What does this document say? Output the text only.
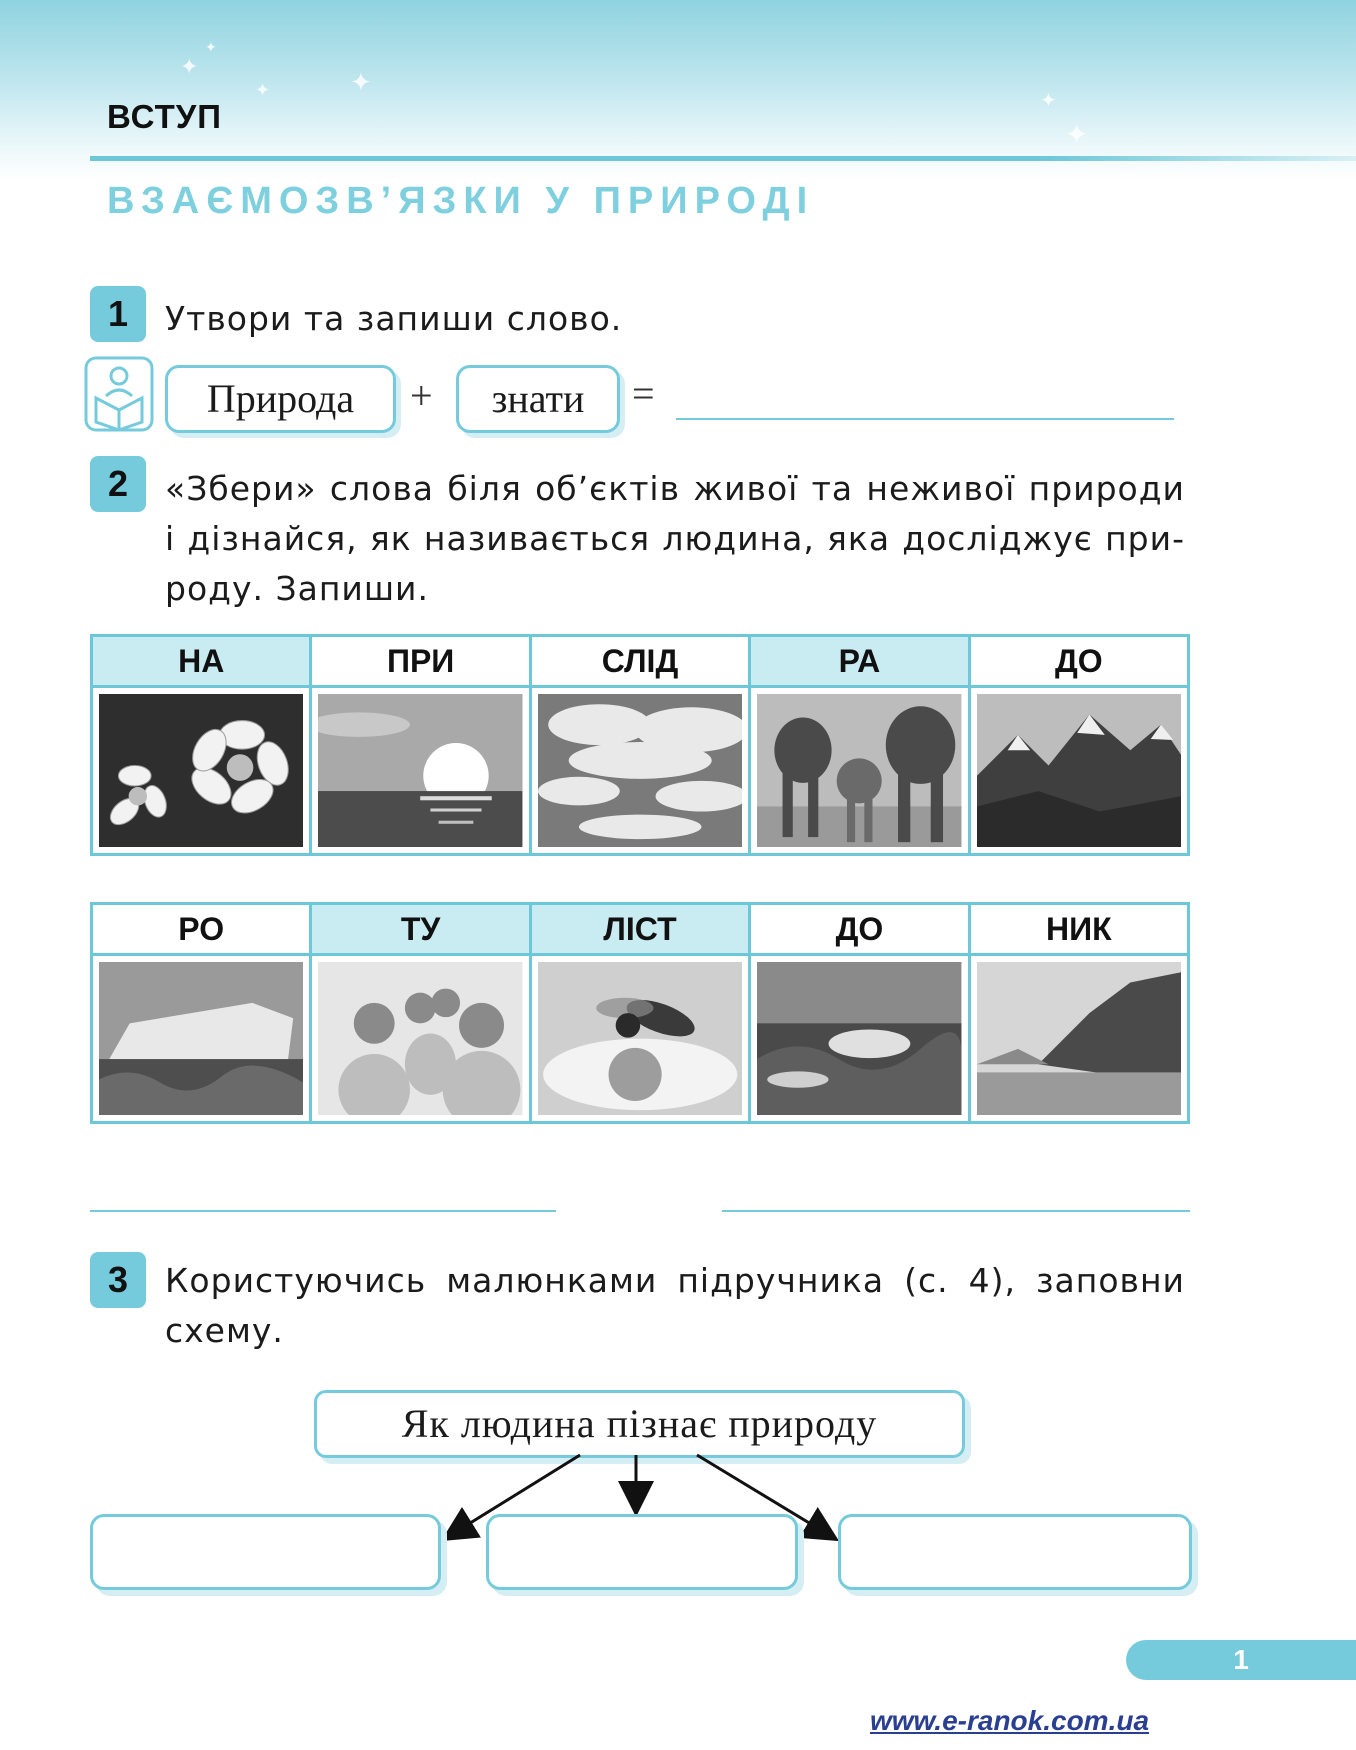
✦
✦
✦
✦
✦
✦
ВСТУП
ВЗАЄМОЗВ’ЯЗКИ У ПРИРОДІ
1	Утвори та запиши слово.
Природа	+	знати	=
2	«Збери» слова біля об’єктів живої та неживої природи
і дізнайся, як називається людина, яка досліджує при-
роду. Запиши.
НА	ПРИ	СЛІД	РА	ДО
РО	ТУ	ЛІСТ	ДО	НИК
3	Користуючись малюнками підручника (с. 4), заповни
схему.
Як людина пізнає природу
1
www.e-ranok.com.ua
